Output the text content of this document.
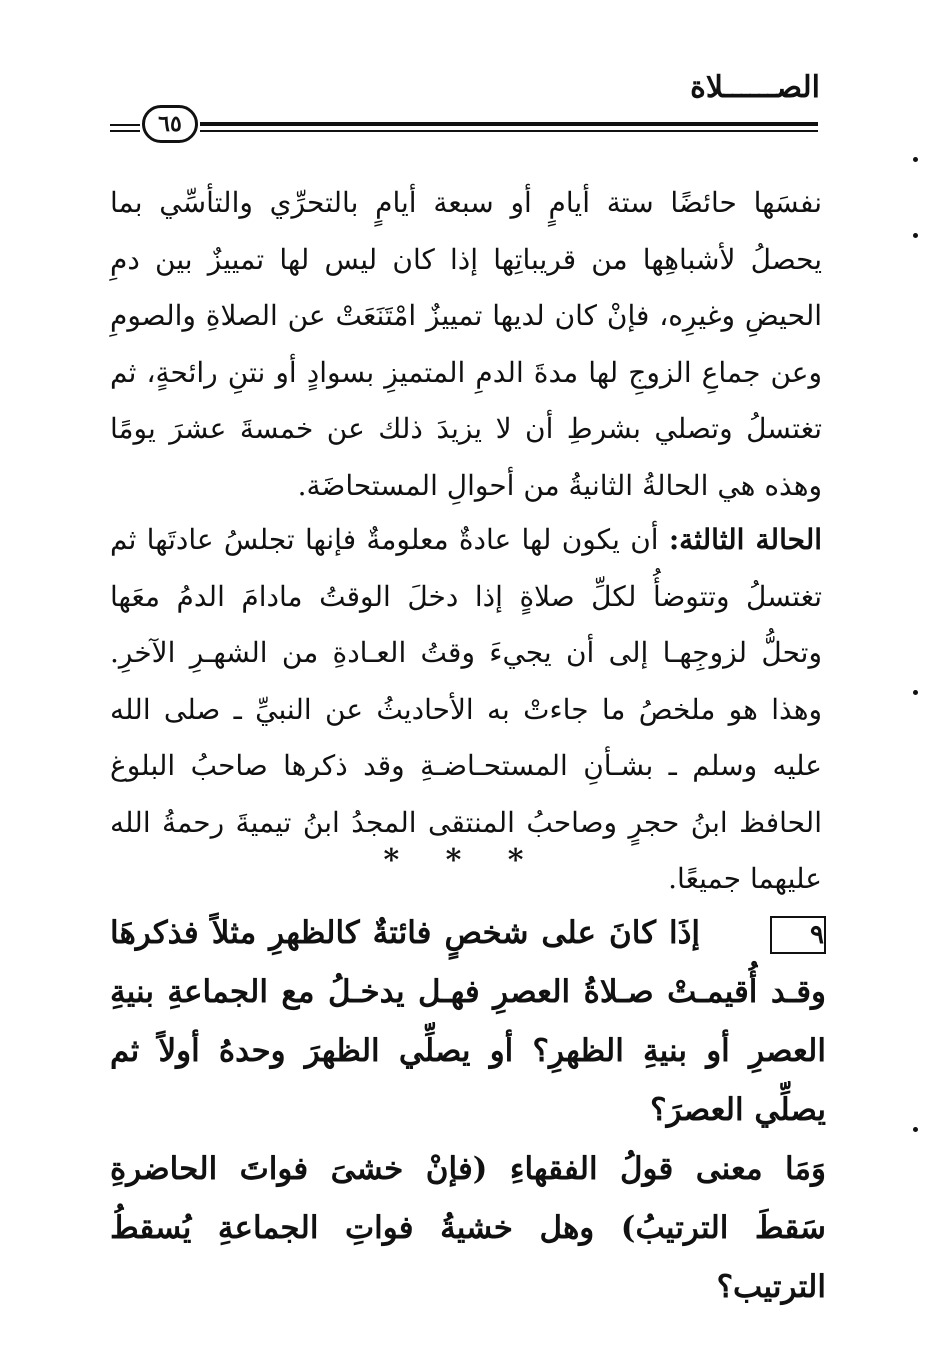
الصــــــلاة
٦٥

نفسَها حائضًا ستة أيامٍ أو سبعة أيامٍ بالتحرِّي والتأسِّي بما يحصلُ لأشباهِها من قريباتِها إذا كان ليس لها تمييزٌ بين دمِ الحيضِ وغيرِه، فإنْ كان لديها تمييزٌ امْتَنَعَتْ عن الصلاةِ والصومِ وعن جماعِ الزوجِ لها مدةَ الدمِ المتميزِ بسوادٍ أو نتنِ رائحةٍ، ثم تغتسلُ وتصلي بشرطِ أن لا يزيدَ ذلك عن خمسةَ عشرَ يومًا وهذه هي الحالةُ الثانيةُ من أحوالِ المستحاضَة.

الحالة الثالثة: أن يكون لها عادةٌ معلومةٌ فإنها تجلسُ عادتَها ثم تغتسلُ وتتوضأُ لكلِّ صلاةٍ إذا دخلَ الوقتُ مادامَ الدمُ معَها وتحلُّ لزوجِهـا إلى أن يجيءَ وقتُ العـادةِ من الشهـرِ الآخرِ. وهذا هو ملخصُ ما جاءتْ به الأحاديثُ عن النبيِّ ـ صلى الله عليه وسلم ـ بشـأنِ المستحـاضـةِ وقد ذكرها صاحبُ البلوغ الحافظ ابنُ حجرٍ وصاحبُ المنتقى المجدُ ابنُ تيميةَ رحمةُ الله عليهما جميعًا.

* * *

٩إذَا كانَ على شخصٍ فائتةٌ كالظهرِ مثلاً فذكرهَا وقـد أُقيمـتْ صـلاةُ العصرِ فهـل يدخـلُ مع الجماعةِ بنيةِ العصرِ أو بنيةِ الظهرِ؟ أو يصلِّي الظهرَ وحدهُ أولاً ثم يصلِّي العصرَ؟

وَمَا معنى قولُ الفقهاءِ (فإنْ خشىَ فواتَ الحاضرةِ سَقطَ الترتيبُ) وهل خشيةُ فواتِ الجماعةِ يُسقطُ الترتيب؟
